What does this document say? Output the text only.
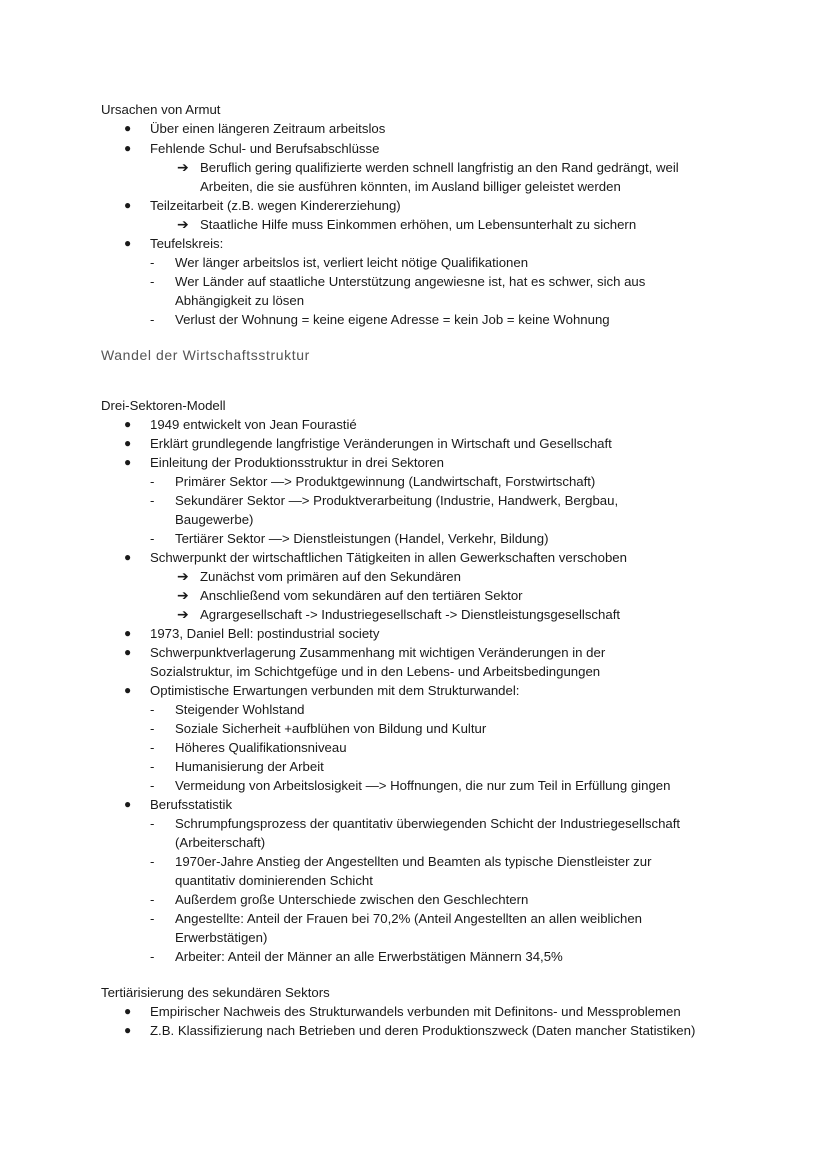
Ursachen von Armut
● Über einen längeren Zeitraum arbeitslos
● Fehlende Schul- und Berufsabschlüsse
➔ Beruflich gering qualifizierte werden schnell langfristig an den Rand gedrängt, weil
Arbeiten, die sie ausführen könnten, im Ausland billiger geleistet werden
● Teilzeitarbeit (z.B. wegen Kindererziehung)
➔ Staatliche Hilfe muss Einkommen erhöhen, um Lebensunterhalt zu sichern
● Teufelskreis:
- Wer länger arbeitslos ist, verliert leicht nötige Qualifikationen
- Wer Länder auf staatliche Unterstützung angewiesne ist, hat es schwer, sich aus
Abhängigkeit zu lösen
- Verlust der Wohnung = keine eigene Adresse = kein Job = keine Wohnung
Wandel der Wirtschaftsstruktur
Drei-Sektoren-Modell
● 1949 entwickelt von Jean Fourastié
● Erklärt grundlegende langfristige Veränderungen in Wirtschaft und Gesellschaft
● Einleitung der Produktionsstruktur in drei Sektoren
- Primärer Sektor —> Produktgewinnung (Landwirtschaft, Forstwirtschaft)
- Sekundärer Sektor —> Produktverarbeitung (Industrie, Handwerk, Bergbau,
Baugewerbe)
- Tertiärer Sektor —> Dienstleistungen (Handel, Verkehr, Bildung)
● Schwerpunkt der wirtschaftlichen Tätigkeiten in allen Gewerkschaften verschoben
➔ Zunächst vom primären auf den Sekundären
➔ Anschließend vom sekundären auf den tertiären Sektor
➔ Agrargesellschaft -> Industriegesellschaft -> Dienstleistungsgesellschaft
● 1973, Daniel Bell: postindustrial society
● Schwerpunktverlagerung Zusammenhang mit wichtigen Veränderungen in der
Sozialstruktur, im Schichtgefüge und in den Lebens- und Arbeitsbedingungen
● Optimistische Erwartungen verbunden mit dem Strukturwandel:
- Steigender Wohlstand
- Soziale Sicherheit +aufblühen von Bildung und Kultur
- Höheres Qualifikationsniveau
- Humanisierung der Arbeit
- Vermeidung von Arbeitslosigkeit —> Hoffnungen, die nur zum Teil in Erfüllung gingen
● Berufsstatistik
- Schrumpfungsprozess der quantitativ überwiegenden Schicht der Industriegesellschaft
(Arbeiterschaft)
- 1970er-Jahre Anstieg der Angestellten und Beamten als typische Dienstleister zur
quantitativ dominierenden Schicht
- Außerdem große Unterschiede zwischen den Geschlechtern
- Angestellte: Anteil der Frauen bei 70,2% (Anteil Angestellten an allen weiblichen
Erwerbstätigen)
- Arbeiter: Anteil der Männer an alle Erwerbstätigen Männern 34,5%
Tertiärisierung des sekundären Sektors
● Empirischer Nachweis des Strukturwandels verbunden mit Definitons- und Messproblemen
● Z.B. Klassifizierung nach Betrieben und deren Produktionszweck (Daten mancher Statistiken)
